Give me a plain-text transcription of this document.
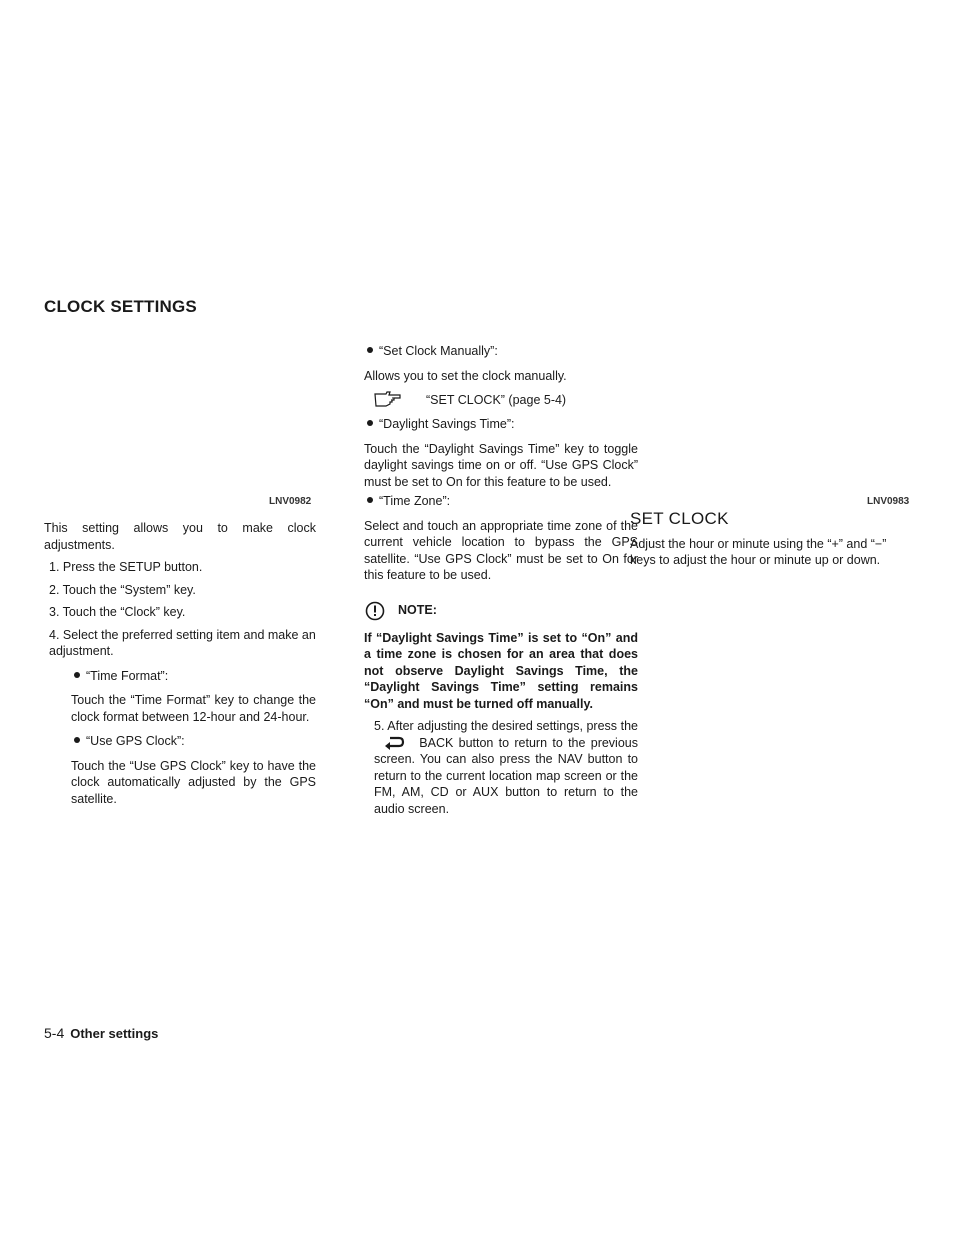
CLOCK SETTINGS
LNV0982	LNV0983

This setting allows you to make clock adjustments.

1. Press the SETUP button.

2. Touch the “System” key.

3. Touch the “Clock” key.

4. Select the preferred setting item and make an adjustment.

“Time Format”:

Touch the “Time Format” key to change the clock format between 12-hour and 24-hour.

“Use GPS Clock”:

Touch the “Use GPS Clock” key to have the clock automatically adjusted by the GPS satellite.

“Set Clock Manually”:

Allows you to set the clock manually.

“SET CLOCK” (page 5-4)
“Daylight Savings Time”:

Touch the “Daylight Savings Time” key to toggle daylight savings time on or off. “Use GPS Clock” must be set to On for this feature to be used.

“Time Zone”:

Select and touch an appropriate time zone of the current vehicle location to bypass the GPS satellite. “Use GPS Clock” must be set to On for this feature to be used.

NOTE:

If “Daylight Savings Time” is set to “On” and a time zone is chosen for an area that does not observe Daylight Savings Time, the “Daylight Savings Time” setting remains “On” and must be turned off manually.

5. After adjusting the desired settings, press the
BACK button to return to the previous screen. You can also press the NAV button to return to the current location map screen or the FM, AM, CD or AUX button to return to the audio screen.

SET CLOCK

Adjust the hour or minute using the “+” and “−” keys to adjust the hour or minute up or down.

5-4 Other settings
